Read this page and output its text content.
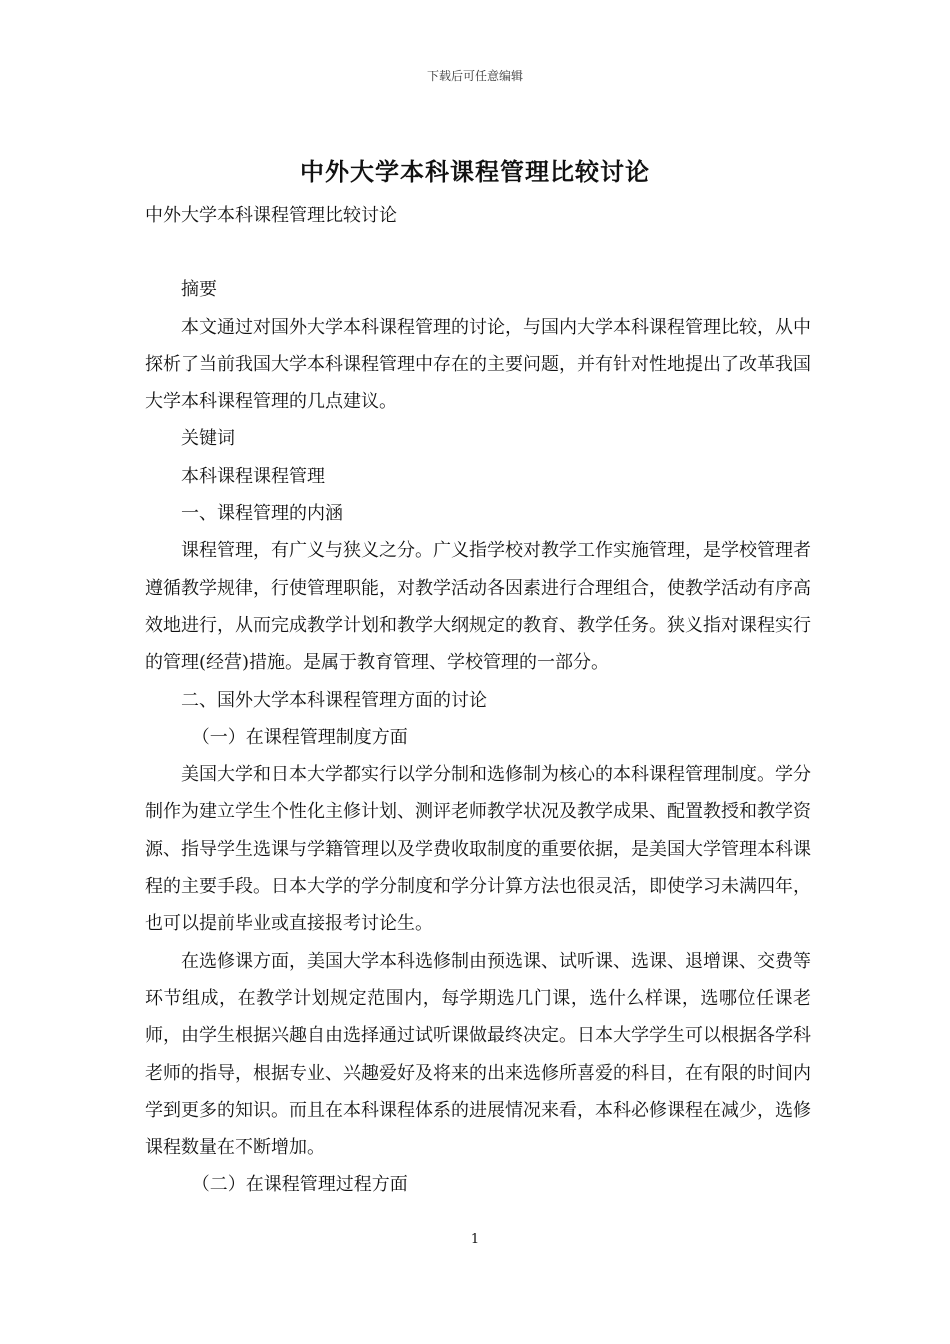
下载后可任意编辑
中外大学本科课程管理比较讨论

中外大学本科课程管理比较讨论

摘要

本文通过对国外大学本科课程管理的讨论，与国内大学本科课程管理比较，从中探析了当前我国大学本科课程管理中存在的主要问题，并有针对性地提出了改革我国大学本科课程管理的几点建议。

关键词

本科课程课程管理

一、课程管理的内涵

课程管理，有广义与狭义之分。广义指学校对教学工作实施管理，是学校管理者遵循教学规律，行使管理职能，对教学活动各因素进行合理组合，使教学活动有序高效地进行，从而完成教学计划和教学大纲规定的教育、教学任务。狭义指对课程实行的管理(经营)措施。是属于教育管理、学校管理的一部分。

二、国外大学本科课程管理方面的讨论

（一）在课程管理制度方面

美国大学和日本大学都实行以学分制和选修制为核心的本科课程管理制度。学分制作为建立学生个性化主修计划、测评老师教学状况及教学成果、配置教授和教学资源、指导学生选课与学籍管理以及学费收取制度的重要依据，是美国大学管理本科课程的主要手段。日本大学的学分制度和学分计算方法也很灵活，即使学习未满四年，也可以提前毕业或直接报考讨论生。

在选修课方面，美国大学本科选修制由预选课、试听课、选课、退增课、交费等环节组成，在教学计划规定范围内，每学期选几门课，选什么样课，选哪位任课老师，由学生根据兴趣自由选择通过试听课做最终决定。日本大学学生可以根据各学科老师的指导，根据专业、兴趣爱好及将来的出来选修所喜爱的科目，在有限的时间内学到更多的知识。而且在本科课程体系的进展情况来看，本科必修课程在减少，选修课程数量在不断增加。

（二）在课程管理过程方面

1
